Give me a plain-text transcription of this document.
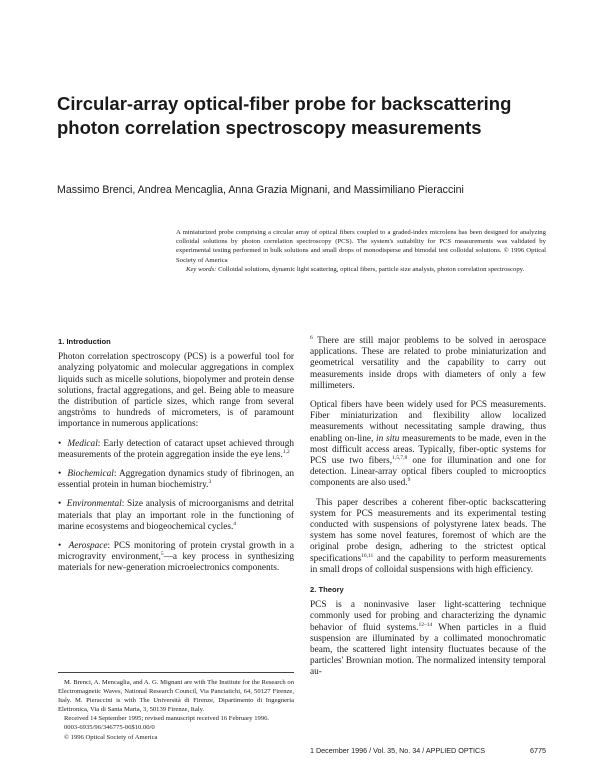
Circular-array optical-fiber probe for backscattering photon correlation spectroscopy measurements

Massimo Brenci, Andrea Mencaglia, Anna Grazia Mignani, and Massimiliano Pieraccini

A miniaturized probe comprising a circular array of optical fibers coupled to a graded-index microlens has been designed for analyzing colloidal solutions by photon correlation spectroscopy (PCS). The system's suitability for PCS measurements was validated by experimental testing performed in bulk solutions and small drops of monodisperse and bimodal test colloidal solutions. © 1996 Optical Society of America

Key words: Colloidal solutions, dynamic light scattering, optical fibers, particle size analysis, photon correlation spectroscopy.

1. Introduction

Photon correlation spectroscopy (PCS) is a powerful tool for analyzing polyatomic and molecular aggregations in complex liquids such as micelle solutions, biopolymer and protein dense solutions, fractal aggregations, and gel. Being able to measure the distribution of particle sizes, which range from several angströms to hundreds of micrometers, is of paramount importance in numerous applications:

•  Medical: Early detection of cataract upset achieved through measurements of the protein aggregation inside the eye lens.$^{1,2}$

•  Biochemical: Aggregation dynamics study of fibrinogen, an essential protein in human biochemistry.$^3$

•  Environmental: Size analysis of microorganisms and detrital materials that play an important role in the functioning of marine ecosystems and biogeochemical cycles.$^4$

•  Aerospace: PCS monitoring of protein crystal growth in a microgravity environment,$^5$—a key process in synthesizing materials for new-generation microelectronics components.

$^6$ There are still major problems to be solved in aerospace applications. These are related to probe miniaturization and geometrical versatility and the capability to carry out measurements inside drops with diameters of only a few millimeters.

Optical fibers have been widely used for PCS measurements. Fiber miniaturization and flexibility allow localized measurements without necessitating sample drawing, thus enabling on-line, in situ measurements to be made, even in the most difficult access areas. Typically, fiber-optic systems for PCS use two fibers,$^{1,5,7,8}$ one for illumination and one for detection. Linear-array optical fibers coupled to microoptics components are also used.$^9$

This paper describes a coherent fiber-optic backscattering system for PCS measurements and its experimental testing conducted with suspensions of polystyrene latex beads. The system has some novel features, foremost of which are the original probe design, adhering to the strictest optical specifications$^{10,11}$ and the capability to perform measurements in small drops of colloidal suspensions with high efficiency.

2. Theory

PCS is a noninvasive laser light-scattering technique commonly used for probing and characterizing the dynamic behavior of fluid systems.$^{12-14}$ When particles in a fluid suspension are illuminated by a collimated monochromatic beam, the scattered light intensity fluctuates because of the particles' Brownian motion. The normalized intensity temporal au-

M. Brenci, A. Mencaglia, and A. G. Mignani are with The Institute for the Research on Electromagnetic Waves, National Research Council, Via Panciatichi, 64, 50127 Firenze, Italy. M. Pieraccini is with The Università di Firenze, Dipartimento di Ingegneria Elettronica, Via di Santa Marta, 3, 50139 Firenze, Italy.

Received 14 September 1995; revised manuscript received 16 February 1996.

0003-6935/96/346775-06$10.00/0

© 1996 Optical Society of America

1 December 1996 / Vol. 35, No. 34 / APPLIED OPTICS	6775
